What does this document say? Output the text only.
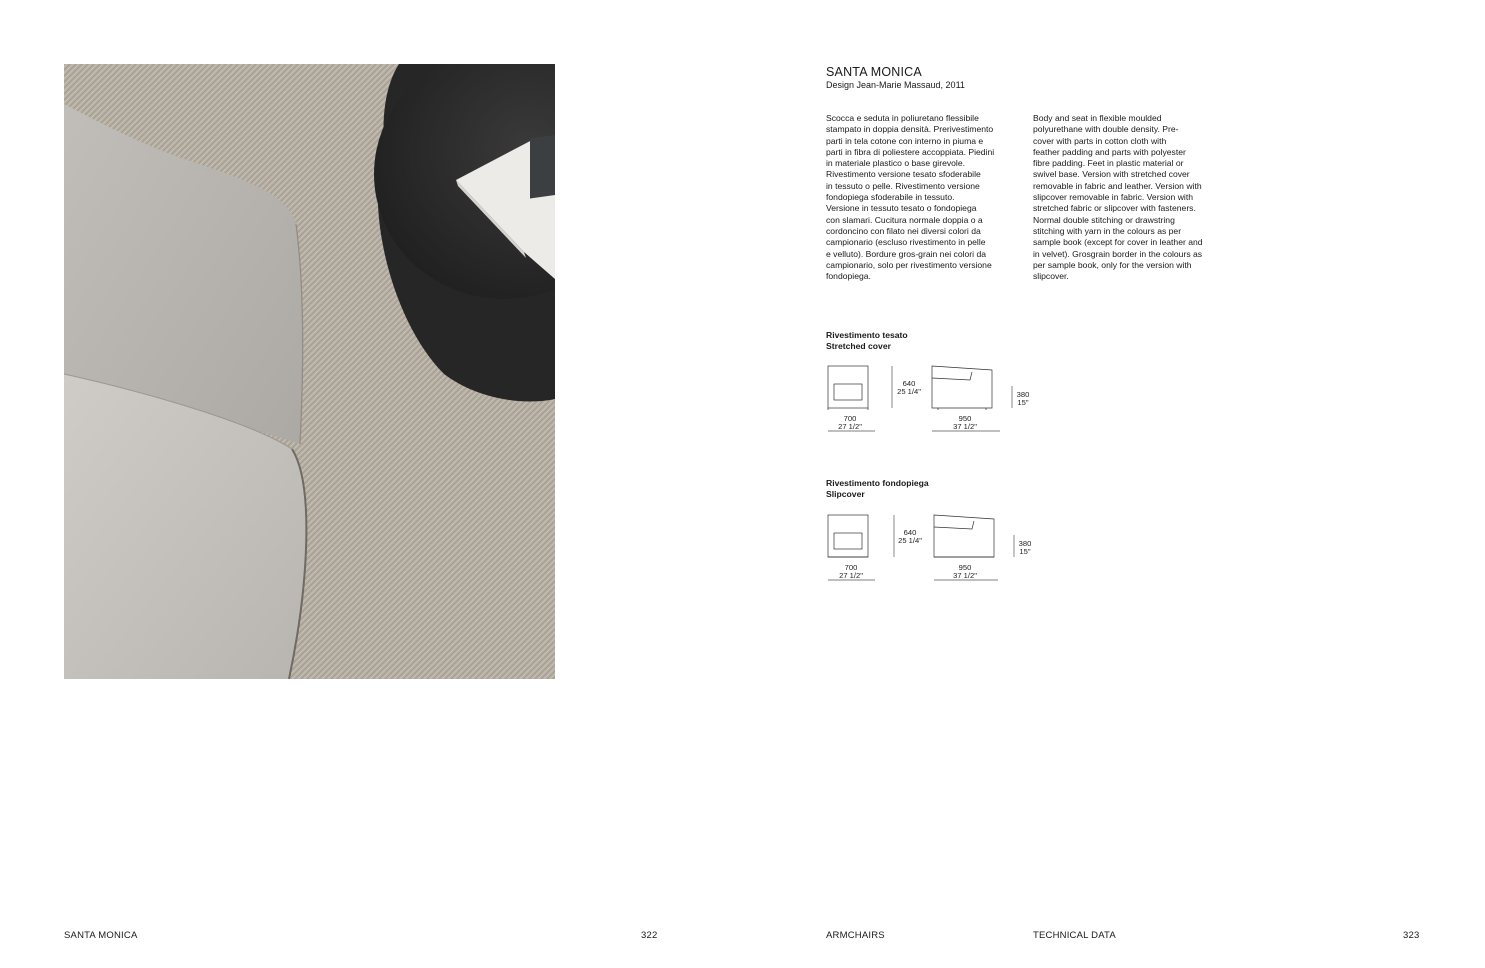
SANTA MONICA	322
SANTA MONICA
Design Jean-Marie Massaud, 2011
Scocca e seduta in poliuretano flessibile
stampato in doppia densità. Prerivestimento
parti in tela cotone con interno in piuma e
parti in fibra di poliestere accoppiata. Piedini
in materiale plastico o base girevole.
Rivestimento versione tesato sfoderabile
in tessuto o pelle. Rivestimento versione
fondopiega sfoderabile in tessuto.
Versione in tessuto tesato o fondopiega
con slamari. Cucitura normale doppia o a
cordoncino con filato nei diversi colori da
campionario (escluso rivestimento in pelle
e velluto). Bordure gros-grain nei colori da
campionario, solo per rivestimento versione
fondopiega.
Body and seat in flexible moulded
polyurethane with double density. Pre-
cover with parts in cotton cloth with
feather padding and parts with polyester
fibre padding. Feet in plastic material or
swivel base. Version with stretched cover
removable in fabric and leather. Version with
slipcover removable in fabric. Version with
stretched fabric or slipcover with fasteners.
Normal double stitching or drawstring
stitching with yarn in the colours as per
sample book (except for cover in leather and
in velvet). Grosgrain border in the colours as
per sample book, only for the version with
slipcover.
Rivestimento tesato
Stretched cover
700
27 1/2"
640
25 1/4"
950
37 1/2"
380
15"
Rivestimento fondopiega
Slipcover
700
27 1/2"
640
25 1/4"
950
37 1/2"
380
15"
ARMCHAIRS	TECHNICAL DATA	323
